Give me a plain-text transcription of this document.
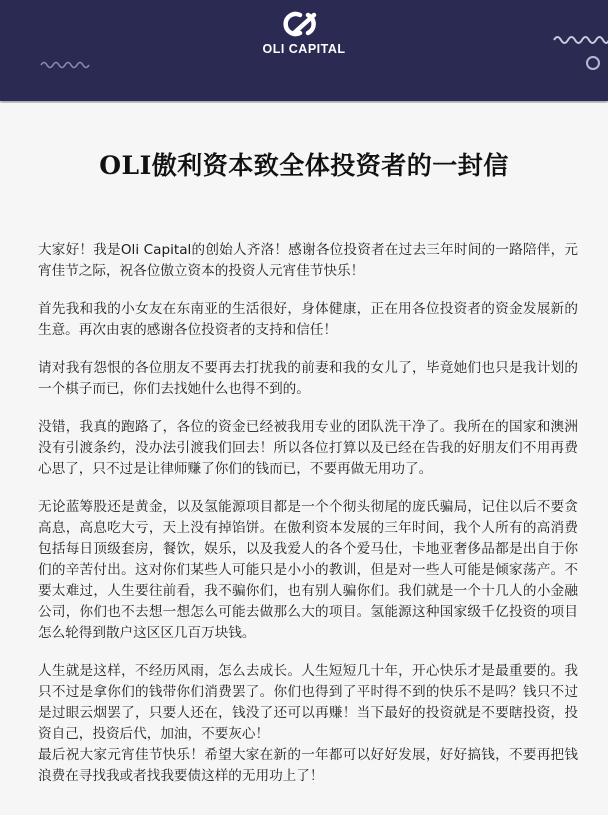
OLI CAPITAL
OLI傲利资本致全体投资者的一封信

大家好！我是Oli Capital的创始人齐洛！感谢各位投资者在过去三年时间的一路陪伴，元宵佳节之际，祝各位傲立资本的投资人元宵佳节快乐！

首先我和我的小女友在东南亚的生活很好，身体健康，正在用各位投资者的资金发展新的生意。再次由衷的感谢各位投资者的支持和信任！

请对我有怨恨的各位朋友不要再去打扰我的前妻和我的女儿了，毕竟她们也只是我计划的一个棋子而已，你们去找她什么也得不到的。

没错，我真的跑路了，各位的资金已经被我用专业的团队洗干净了。我所在的国家和澳洲没有引渡条约，没办法引渡我们回去！所以各位打算以及已经在告我的好朋友们不用再费心思了，只不过是让律师赚了你们的钱而已，不要再做无用功了。

无论蓝筹股还是黄金，以及氢能源项目都是一个个彻头彻尾的庞氏骗局，记住以后不要贪高息，高息吃大亏，天上没有掉馅饼。在傲利资本发展的三年时间，我个人所有的高消费包括每日顶级套房，餐饮，娱乐，以及我爱人的各个爱马仕，卡地亚奢侈品都是出自于你们的辛苦付出。这对你们某些人可能只是小小的教训，但是对一些人可能是倾家荡产。不要太难过，人生要往前看，我不骗你们，也有别人骗你们。我们就是一个十几人的小金融公司，你们也不去想一想怎么可能去做那么大的项目。氢能源这种国家级千亿投资的项目怎么轮得到散户这区区几百万块钱。

人生就是这样，不经历风雨，怎么去成长。人生短短几十年，开心快乐才是最重要的。我只不过是拿你们的钱带你们消费罢了。你们也得到了平时得不到的快乐不是吗？钱只不过是过眼云烟罢了，只要人还在，钱没了还可以再赚！当下最好的投资就是不要瞎投资，投资自己，投资后代，加油，不要灰心！

最后祝大家元宵佳节快乐！希望大家在新的一年都可以好好发展，好好搞钱，不要再把钱浪费在寻找我或者找我要债这样的无用功上了！
